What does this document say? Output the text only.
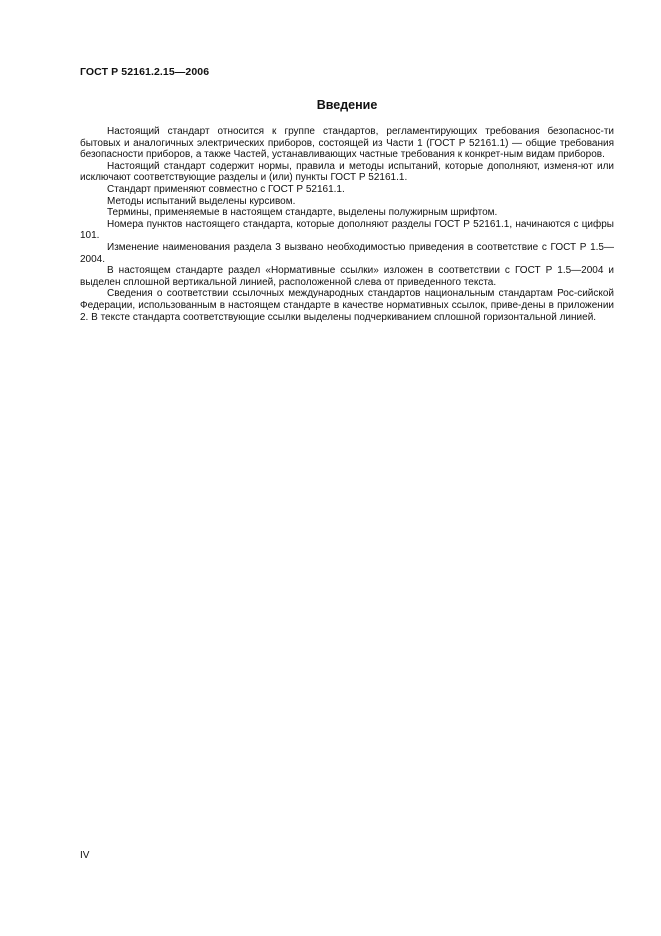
ГОСТ Р 52161.2.15—2006
Введение

Настоящий стандарт относится к группе стандартов, регламентирующих требования безопаснос-ти бытовых и аналогичных электрических приборов, состоящей из Части 1 (ГОСТ Р 52161.1) — общие требования безопасности приборов, а также Частей, устанавливающих частные требования к конкрет-ным видам приборов.

Настоящий стандарт содержит нормы, правила и методы испытаний, которые дополняют, изменя-ют или исключают соответствующие разделы и (или) пункты ГОСТ Р 52161.1.

Стандарт применяют совместно с ГОСТ Р 52161.1.

Методы испытаний выделены курсивом.

Термины, применяемые в настоящем стандарте, выделены полужирным шрифтом.

Номера пунктов настоящего стандарта, которые дополняют разделы ГОСТ Р 52161.1, начинаются с цифры 101.

Изменение наименования раздела 3 вызвано необходимостью приведения в соответствие с ГОСТ Р 1.5—2004.

В настоящем стандарте раздел «Нормативные ссылки» изложен в соответствии с ГОСТ Р 1.5—2004 и выделен сплошной вертикальной линией, расположенной слева от приведенного текста.

Сведения о соответствии ссылочных международных стандартов национальным стандартам Рос-сийской Федерации, использованным в настоящем стандарте в качестве нормативных ссылок, приве-дены в приложении 2. В тексте стандарта соответствующие ссылки выделены подчеркиванием сплошной горизонтальной линией.

IV
